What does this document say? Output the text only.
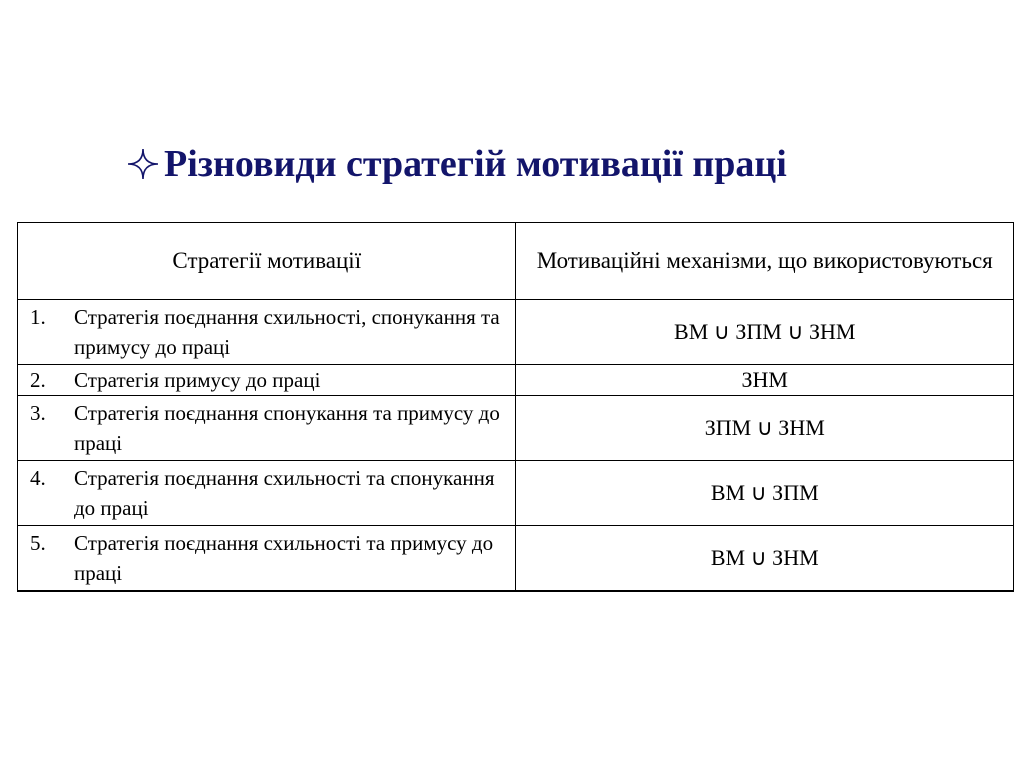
Різновиди стратегій мотивації праці
Стратегії мотивації	Мотиваційні механізми, що використовуються

1. Стратегія поєднання схильності, спонукання та примусу до праці	ВМ ∪ ЗПМ ∪ ЗНМ

2. Стратегія примусу до праці	ЗНМ

3. Стратегія поєднання спонукання та примусу до праці	ЗПМ ∪ ЗНМ

4. Стратегія поєднання схильності та спонукання до праці	ВМ ∪ ЗПМ

5. Стратегія поєднання схильності та примусу до праці	ВМ ∪ ЗНМ
